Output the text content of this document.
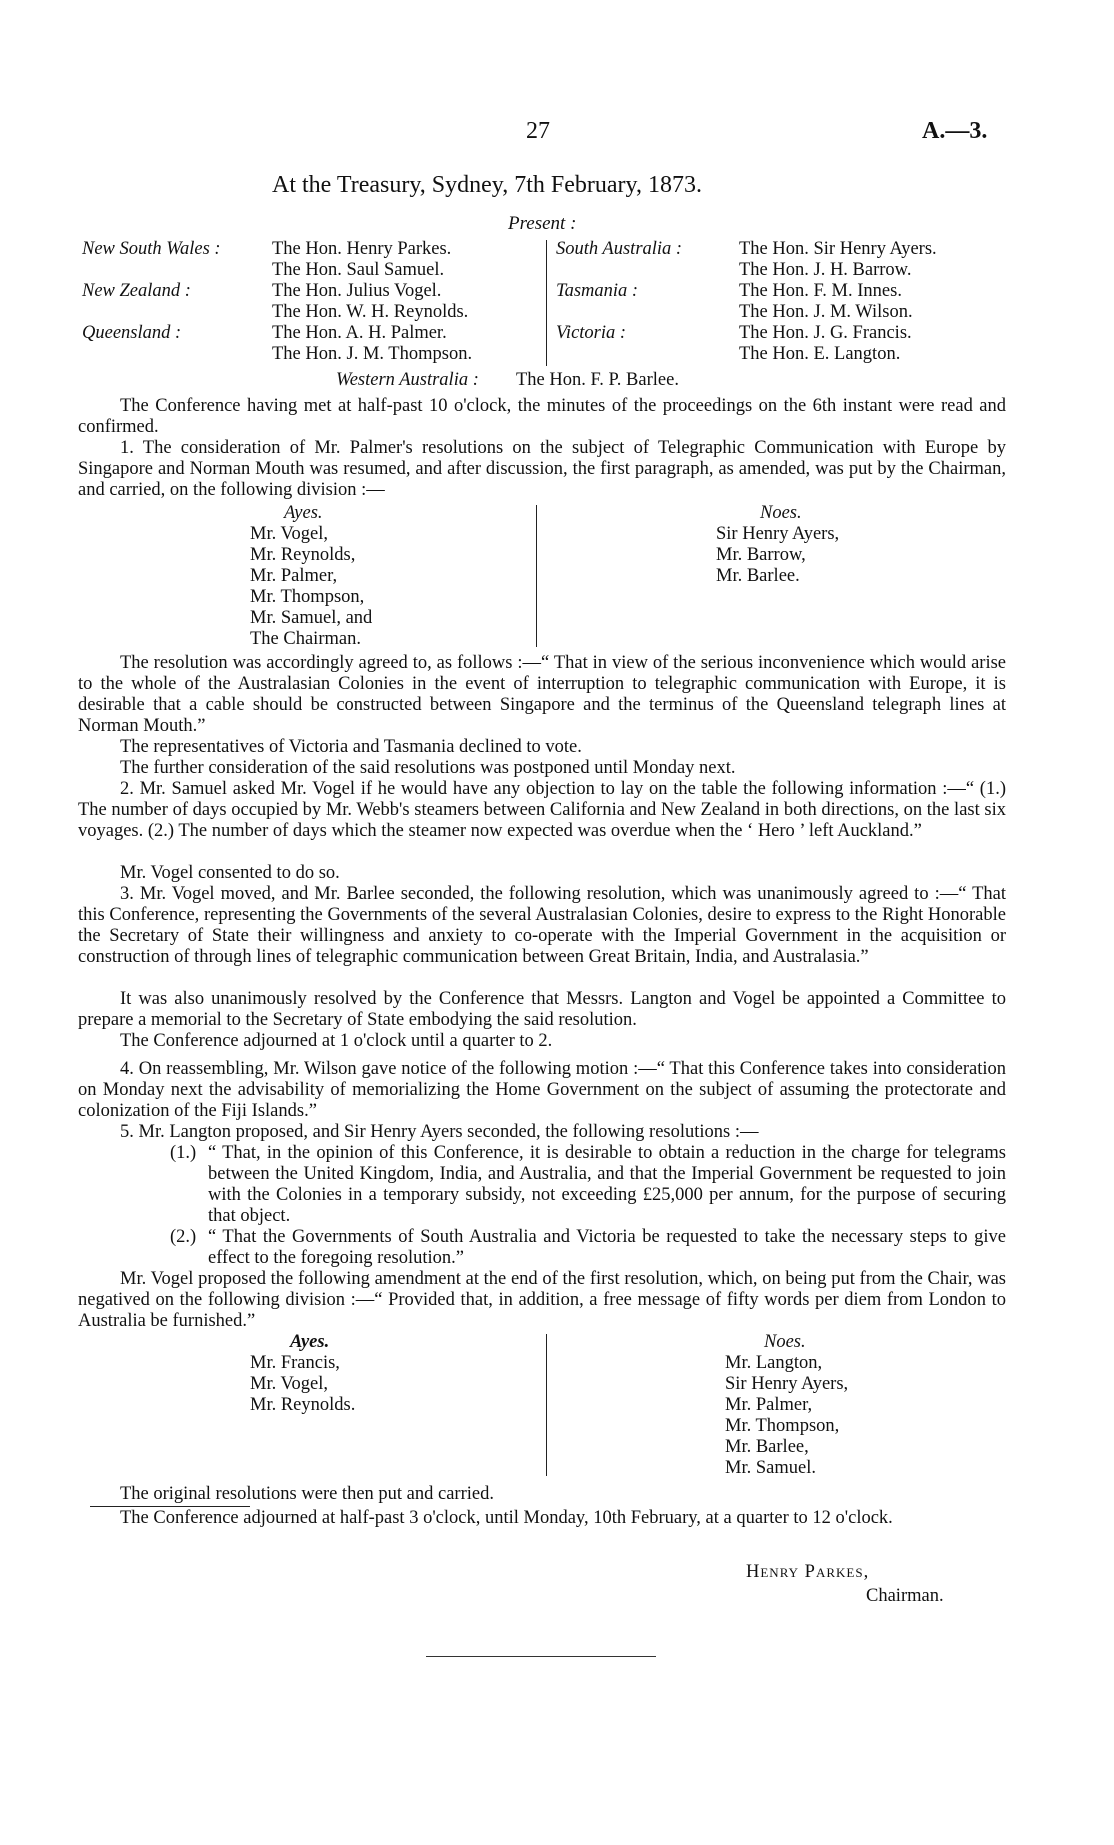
27	A.—3.
At the Treasury, Sydney, 7th February, 1873.
Present :
New South Wales :	The Hon. Henry Parkes.
The Hon. Saul Samuel.
New Zealand :	The Hon. Julius Vogel.
The Hon. W. H. Reynolds.
Queensland :	The Hon. A. H. Palmer.
The Hon. J. M. Thompson.
South Australia :	The Hon. Sir Henry Ayers.
The Hon. J. H. Barrow.
Tasmania :	The Hon. F. M. Innes.
The Hon. J. M. Wilson.
Victoria :	The Hon. J. G. Francis.
The Hon. E. Langton.
Western Australia : The Hon. F. P. Barlee.
The Conference having met at half-past 10 o'clock, the minutes of the proceedings on the 6th instant were read and confirmed.
1. The consideration of Mr. Palmer's resolutions on the subject of Telegraphic Communication with Europe by Singapore and Norman Mouth was resumed, and after discussion, the first paragraph, as amended, was put by the Chairman, and carried, on the following division :—
Ayes.
Mr. Vogel,
Mr. Reynolds,
Mr. Palmer,
Mr. Thompson,
Mr. Samuel, and
The Chairman.
Noes.
Sir Henry Ayers,
Mr. Barrow,
Mr. Barlee.
The resolution was accordingly agreed to, as follows :—“ That in view of the serious inconvenience which would arise to the whole of the Australasian Colonies in the event of interruption to telegraphic communication with Europe, it is desirable that a cable should be constructed between Singapore and the terminus of the Queensland telegraph lines at Norman Mouth.”
The representatives of Victoria and Tasmania declined to vote.
The further consideration of the said resolutions was postponed until Monday next.
2. Mr. Samuel asked Mr. Vogel if he would have any objection to lay on the table the following information :—“ (1.) The number of days occupied by Mr. Webb's steamers between California and New Zealand in both directions, on the last six voyages. (2.) The number of days which the steamer now expected was overdue when the ‘ Hero ’ left Auckland.”
Mr. Vogel consented to do so.
3. Mr. Vogel moved, and Mr. Barlee seconded, the following resolution, which was unanimously agreed to :—“ That this Conference, representing the Governments of the several Australasian Colonies, desire to express to the Right Honorable the Secretary of State their willingness and anxiety to co-operate with the Imperial Government in the acquisition or construction of through lines of telegraphic communication between Great Britain, India, and Australasia.”
It was also unanimously resolved by the Conference that Messrs. Langton and Vogel be appointed a Committee to prepare a memorial to the Secretary of State embodying the said resolution.
The Conference adjourned at 1 o'clock until a quarter to 2.
4. On reassembling, Mr. Wilson gave notice of the following motion :—“ That this Conference takes into consideration on Monday next the advisability of memorializing the Home Government on the subject of assuming the protectorate and colonization of the Fiji Islands.”
5. Mr. Langton proposed, and Sir Henry Ayers seconded, the following resolutions :—
(1.) “ That, in the opinion of this Conference, it is desirable to obtain a reduction in the charge for telegrams between the United Kingdom, India, and Australia, and that the Imperial Government be requested to join with the Colonies in a temporary subsidy, not exceeding £25,000 per annum, for the purpose of securing that object.
(2.) “ That the Governments of South Australia and Victoria be requested to take the necessary steps to give effect to the foregoing resolution.”
Mr. Vogel proposed the following amendment at the end of the first resolution, which, on being put from the Chair, was negatived on the following division :—“ Provided that, in addition, a free message of fifty words per diem from London to Australia be furnished.”
Ayes.
Mr. Francis,
Mr. Vogel,
Mr. Reynolds.
Noes.
Mr. Langton,
Sir Henry Ayers,
Mr. Palmer,
Mr. Thompson,
Mr. Barlee,
Mr. Samuel.
The original resolutions were then put and carried.
The Conference adjourned at half-past 3 o'clock, until Monday, 10th February, at a quarter to 12 o'clock.
Henry Parkes,
Chairman.
